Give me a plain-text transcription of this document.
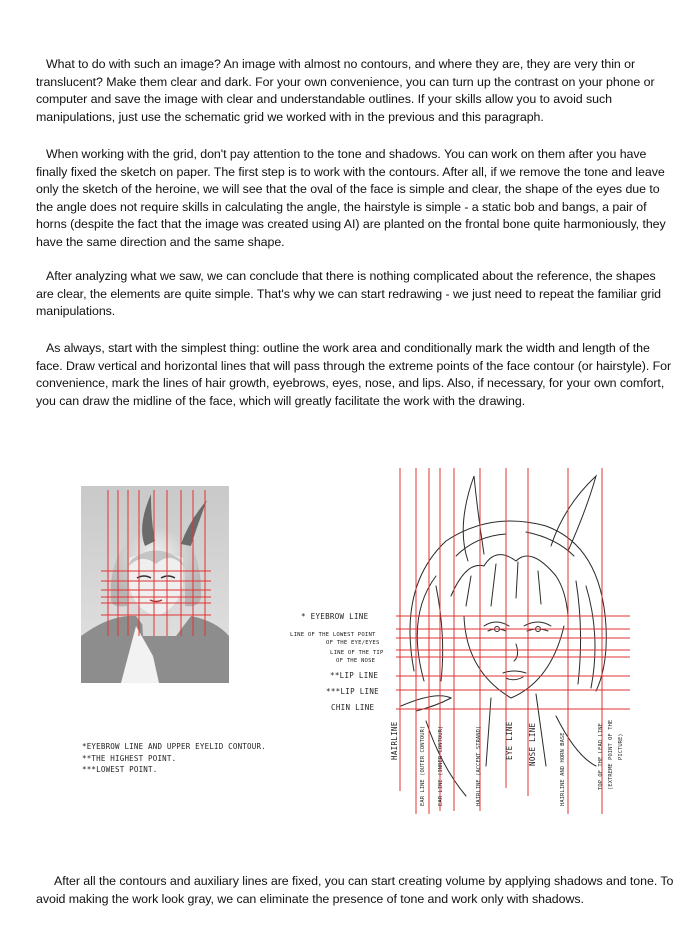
What to do with such an image? An image with almost no contours, and where they are, they are very thin or translucent? Make them clear and dark. For your own convenience, you can turn up the contrast on your phone or computer and save the image with clear and understandable outlines. If your skills allow you to avoid such manipulations, just use the schematic grid we worked with in the previous and this paragraph.

When working with the grid, don't pay attention to the tone and shadows. You can work on them after you have finally fixed the sketch on paper. The first step is to work with the contours. After all, if we remove the tone and leave only the sketch of the heroine, we will see that the oval of the face is simple and clear, the shape of the eyes due to the angle does not require skills in calculating the angle, the hairstyle is simple - a static bob and bangs, a pair of horns (despite the fact that the image was created using AI) are planted on the frontal bone quite harmoniously, they have the same direction and the same shape.

After analyzing what we saw, we can conclude that there is nothing complicated about the reference, the shapes are clear, the elements are quite simple. That's why we can start redrawing - we just need to repeat the familiar grid manipulations.

As always, start with the simplest thing: outline the work area and conditionally mark the width and length of the face. Draw vertical and horizontal lines that will pass through the extreme points of the face contour (or hairstyle). For convenience, mark the lines of hair growth, eyebrows, eyes, nose, and lips. Also, if necessary, for your own comfort, you can draw the midline of the face, which will greatly facilitate the work with the drawing.

* EYEBROW LINE
LINE OF THE LOWEST POINT
OF THE EYE/EYES
LINE OF THE TIP
OF THE NOSE
**LIP LINE
***LIP LINE
CHIN LINE
*EYEBROW LINE AND UPPER EYELID CONTOUR.
**THE HIGHEST POINT.
***LOWEST POINT.
HAIRLINE	EAR LINE (OUTER CONTOUR) EAR LINE (INNER CONTOUR)	HAIRLINE (ACCENT STRAND)	EYE LINE NOSE LINE	HAIRLINE AND HORN BASE	TOP OF THE LEAD LINE (EXTREME POINT OF THE PICTURE)

After all the contours and auxiliary lines are fixed, you can start creating volume by applying shadows and tone. To avoid making the work look gray, we can eliminate the presence of tone and work only with shadows.
